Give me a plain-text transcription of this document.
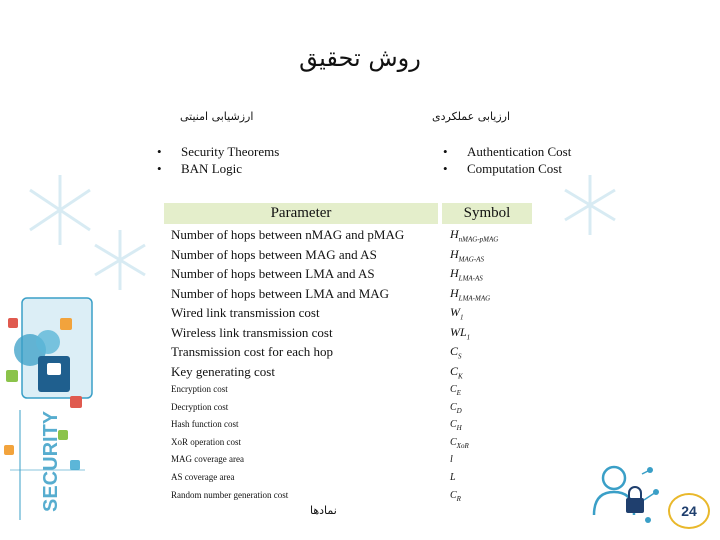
SECURITY
روش تحقیق
ارزیابی عملکردی
ارزشیابی امنیتی
• Authentication Cost
• Computation Cost
• Security Theorems
• BAN Logic
Parameter	Symbol
Number of hops between nMAG and pMAG	$H_{nMAG-pMAG}$
Number of hops between MAG and AS	$H_{MAG-AS}$
Number of hops between LMA and AS	$H_{LMA-AS}$
Number of hops between LMA and MAG	$H_{LMA-MAG}$
Wired link transmission cost	$W_1$
Wireless link transmission cost	$WL_1$
Transmission cost for each hop	$C_S$
Key generating cost	$C_K$
Encryption cost	$C_E$
Decryption cost	$C_D$
Hash function cost	$C_H$
XoR operation cost	$C_{XoR}$
MAG coverage area	l
AS coverage area	L
Random number generation cost	$C_R$
نمادها	24
